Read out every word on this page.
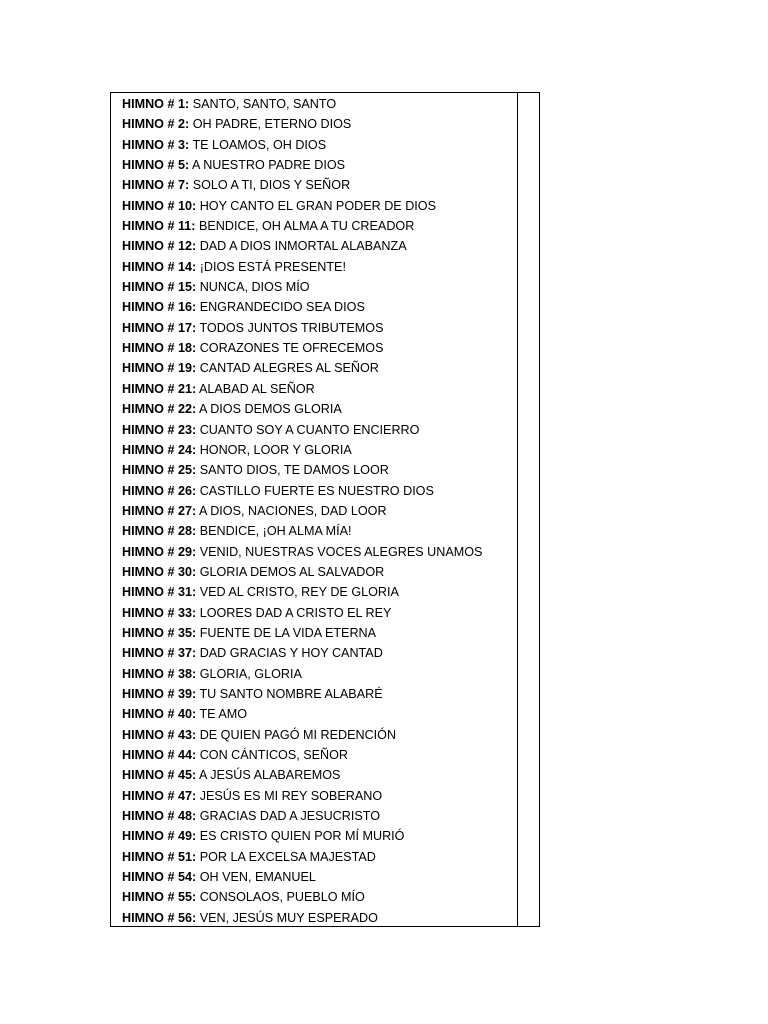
HIMNO # 1: SANTO, SANTO, SANTO
HIMNO # 2: OH PADRE, ETERNO DIOS
HIMNO # 3: TE LOAMOS, OH DIOS
HIMNO # 5: A NUESTRO PADRE DIOS
HIMNO # 7: SOLO A TI, DIOS Y SEÑOR
HIMNO # 10: HOY CANTO EL GRAN PODER DE DIOS
HIMNO # 11: BENDICE, OH ALMA A TU CREADOR
HIMNO # 12: DAD A DIOS INMORTAL ALABANZA
HIMNO # 14: ¡DIOS ESTÁ PRESENTE!
HIMNO # 15: NUNCA, DIOS MÍO
HIMNO # 16: ENGRANDECIDO SEA DIOS
HIMNO # 17: TODOS JUNTOS TRIBUTEMOS
HIMNO # 18: CORAZONES TE OFRECEMOS
HIMNO # 19: CANTAD ALEGRES AL SEÑOR
HIMNO # 21: ALABAD AL SEÑOR
HIMNO # 22: A DIOS DEMOS GLORIA
HIMNO # 23: CUANTO SOY A CUANTO ENCIERRO
HIMNO # 24: HONOR, LOOR Y GLORIA
HIMNO # 25: SANTO DIOS, TE DAMOS LOOR
HIMNO # 26: CASTILLO FUERTE ES NUESTRO DIOS
HIMNO # 27: A DIOS, NACIONES, DAD LOOR
HIMNO # 28: BENDICE, ¡OH ALMA MÍA!
HIMNO # 29: VENID, NUESTRAS VOCES ALEGRES UNAMOS
HIMNO # 30: GLORIA DEMOS AL SALVADOR
HIMNO # 31: VED AL CRISTO, REY DE GLORIA
HIMNO # 33: LOORES DAD A CRISTO EL REY
HIMNO # 35: FUENTE DE LA VIDA ETERNA
HIMNO # 37: DAD GRACIAS Y HOY CANTAD
HIMNO # 38: GLORIA, GLORIA
HIMNO # 39: TU SANTO NOMBRE ALABARÉ
HIMNO # 40: TE AMO
HIMNO # 43: DE QUIEN PAGÓ MI REDENCIÓN
HIMNO # 44: CON CÁNTICOS, SEÑOR
HIMNO # 45: A JESÚS ALABAREMOS
HIMNO # 47: JESÚS ES MI REY SOBERANO
HIMNO # 48: GRACIAS DAD A JESUCRISTO
HIMNO # 49: ES CRISTO QUIEN POR MÍ MURIÓ
HIMNO # 51: POR LA EXCELSA MAJESTAD
HIMNO # 54: OH VEN, EMANUEL
HIMNO # 55: CONSOLAOS, PUEBLO MÍO
HIMNO # 56: VEN, JESÚS MUY ESPERADO
